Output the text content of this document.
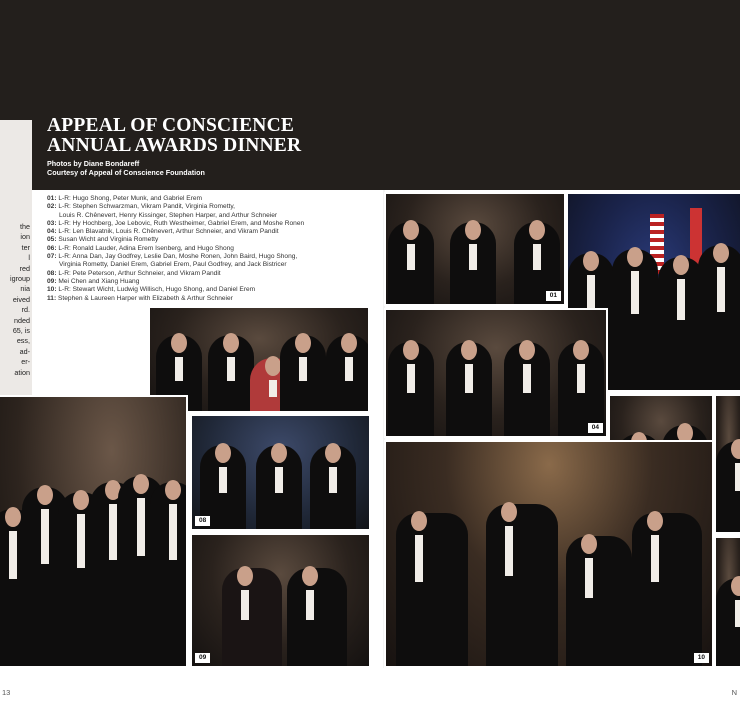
the
ion
ter
l
red
igroup
nia
eived
rd.
nded
65, is
ess,
ad-
er-
ation
APPEAL OF CONSCIENCE
ANNUAL AWARDS DINNER
Photos by Diane Bondareff
Courtesy of Appeal of Conscience Foundation
01: L-R: Hugo Shong, Peter Munk, and Gabriel Erem
02: L-R: Stephen Schwarzman, Vikram Pandit, Virginia Rometty,
Louis R. Chênevert, Henry Kissinger, Stephen Harper, and Arthur Schneier
03: L-R: Hy Hochberg, Joe Lebovic, Ruth Westheimer, Gabriel Erem, and Moshe Ronen
04: L-R: Len Blavatnik, Louis R. Chênevert, Arthur Schneier, and Vikram Pandit
05: Susan Wicht and Virginia Rometty
06: L-R: Ronald Lauder, Adina Erem Isenberg, and Hugo Shong
07: L-R: Anna Dan, Jay Godfrey, Leslie Dan, Moshe Ronen, John Baird, Hugo Shong,
Virginia Rometty, Daniel Erem, Gabriel Erem, Paul Godfrey, and Jack Bistricer
08: L-R: Pete Peterson, Arthur Schneier, and Vikram Pandit
09: Mei Chen and Xiang Huang
10: L-R: Stewart Wicht, Ludwig Willisch, Hugo Shong, and Daniel Erem
11: Stephen & Laureen Harper with Elizabeth & Arthur Schneier
08
09
01
04
10
13	N
